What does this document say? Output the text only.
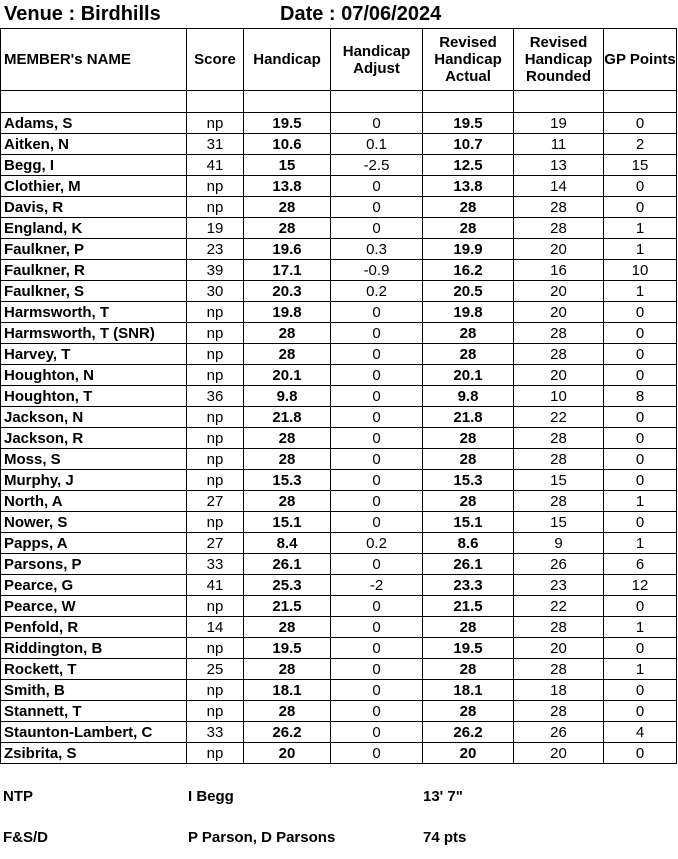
Venue : Birdhills	Date : 07/06/2024
MEMBER's NAME	Score	Handicap	Handicap Adjust	Revised Handicap Actual	Revised Handicap Rounded	GP Points

Adams, S	np	19.5	0	19.5	19	0
Aitken, N	31	10.6	0.1	10.7	11	2
Begg, I	41	15	-2.5	12.5	13	15
Clothier, M	np	13.8	0	13.8	14	0
Davis, R	np	28	0	28	28	0
England, K	19	28	0	28	28	1
Faulkner, P	23	19.6	0.3	19.9	20	1
Faulkner, R	39	17.1	-0.9	16.2	16	10
Faulkner, S	30	20.3	0.2	20.5	20	1
Harmsworth, T	np	19.8	0	19.8	20	0
Harmsworth, T (SNR)	np	28	0	28	28	0
Harvey, T	np	28	0	28	28	0
Houghton, N	np	20.1	0	20.1	20	0
Houghton, T	36	9.8	0	9.8	10	8
Jackson, N	np	21.8	0	21.8	22	0
Jackson, R	np	28	0	28	28	0
Moss, S	np	28	0	28	28	0
Murphy, J	np	15.3	0	15.3	15	0
North, A	27	28	0	28	28	1
Nower, S	np	15.1	0	15.1	15	0
Papps, A	27	8.4	0.2	8.6	9	1
Parsons, P	33	26.1	0	26.1	26	6
Pearce, G	41	25.3	-2	23.3	23	12
Pearce, W	np	21.5	0	21.5	22	0
Penfold, R	14	28	0	28	28	1
Riddington, B	np	19.5	0	19.5	20	0
Rockett, T	25	28	0	28	28	1
Smith, B	np	18.1	0	18.1	18	0
Stannett, T	np	28	0	28	28	0
Staunton-Lambert, C	33	26.2	0	26.2	26	4
Zsibrita, S	np	20	0	20	20	0
NTP	I Begg	13' 7"
F&S/D	P Parson, D Parsons	74 pts
